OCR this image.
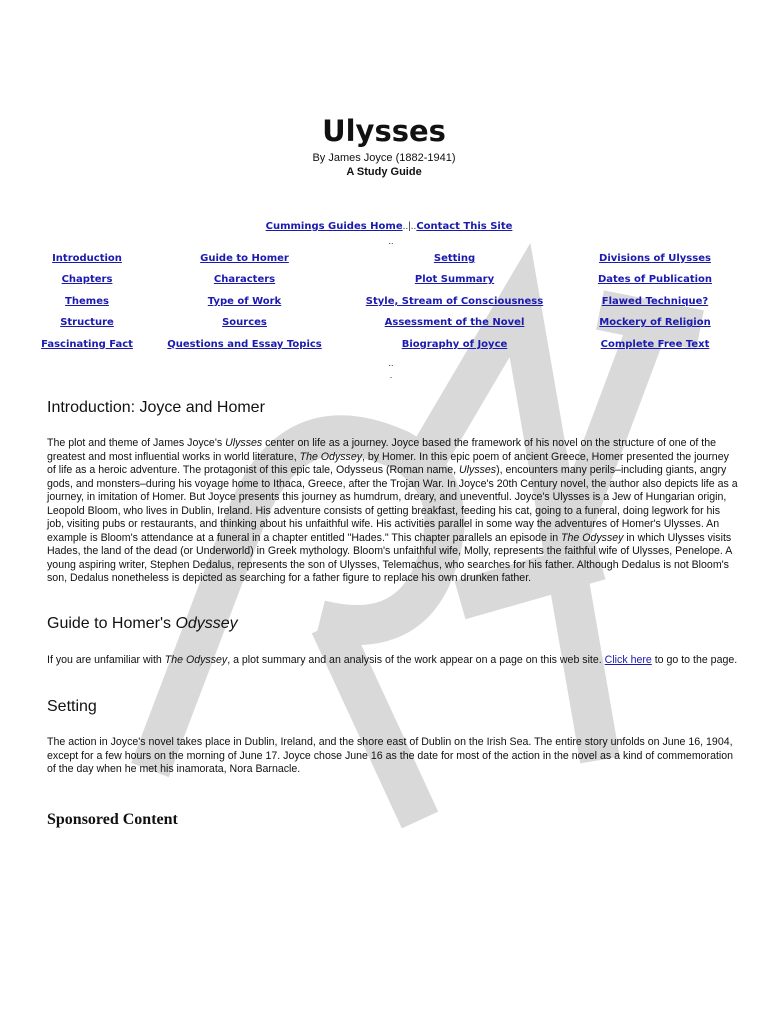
Ulysses
By James Joyce (1882-1941)
A Study Guide
Cummings Guides Home..|..Contact This Site
..
Introduction	Guide to Homer	Setting	Divisions of Ulysses
Chapters	Characters	Plot Summary	Dates of Publication
Themes	Type of Work	Style, Stream of Consciousness	Flawed Technique?
Structure	Sources	Assessment of the Novel	Mockery of Religion
Fascinating Fact	Questions and Essay Topics	Biography of Joyce	Complete Free Text
..
.
Introduction: Joyce and Homer

The plot and theme of James Joyce's Ulysses center on life as a journey. Joyce based the framework of his novel on the structure of one of the greatest and most influential works in world literature, The Odyssey, by Homer. In this epic poem of ancient Greece, Homer presented the journey of life as a heroic adventure. The protagonist of this epic tale, Odysseus (Roman name, Ulysses), encounters many perils–including giants, angry gods, and monsters–during his voyage home to Ithaca, Greece, after the Trojan War. In Joyce's 20th Century novel, the author also depicts life as a journey, in imitation of Homer. But Joyce presents this journey as humdrum, dreary, and uneventful. Joyce's Ulysses is a Jew of Hungarian origin, Leopold Bloom, who lives in Dublin, Ireland. His adventure consists of getting breakfast, feeding his cat, going to a funeral, doing legwork for his job, visiting pubs or restaurants, and thinking about his unfaithful wife. His activities parallel in some way the adventures of Homer's Ulysses. An example is Bloom's attendance at a funeral in a chapter entitled "Hades." This chapter parallels an episode in The Odyssey in which Ulysses visits Hades, the land of the dead (or Underworld) in Greek mythology. Bloom's unfaithful wife, Molly, represents the faithful wife of Ulysses, Penelope. A young aspiring writer, Stephen Dedalus, represents the son of Ulysses, Telemachus, who searches for his father. Although Dedalus is not Bloom's son, Dedalus nonetheless is depicted as searching for a father figure to replace his own drunken father.

Guide to Homer's Odyssey

If you are unfamiliar with The Odyssey, a plot summary and an analysis of the work appear on a page on this web site. Click here to go to the page.

Setting

The action in Joyce's novel takes place in Dublin, Ireland, and the shore east of Dublin on the Irish Sea. The entire story unfolds on June 16, 1904, except for a few hours on the morning of June 17. Joyce chose June 16 as the date for most of the action in the novel as a kind of commemoration of the day when he met his inamorata, Nora Barnacle.

Sponsored Content
